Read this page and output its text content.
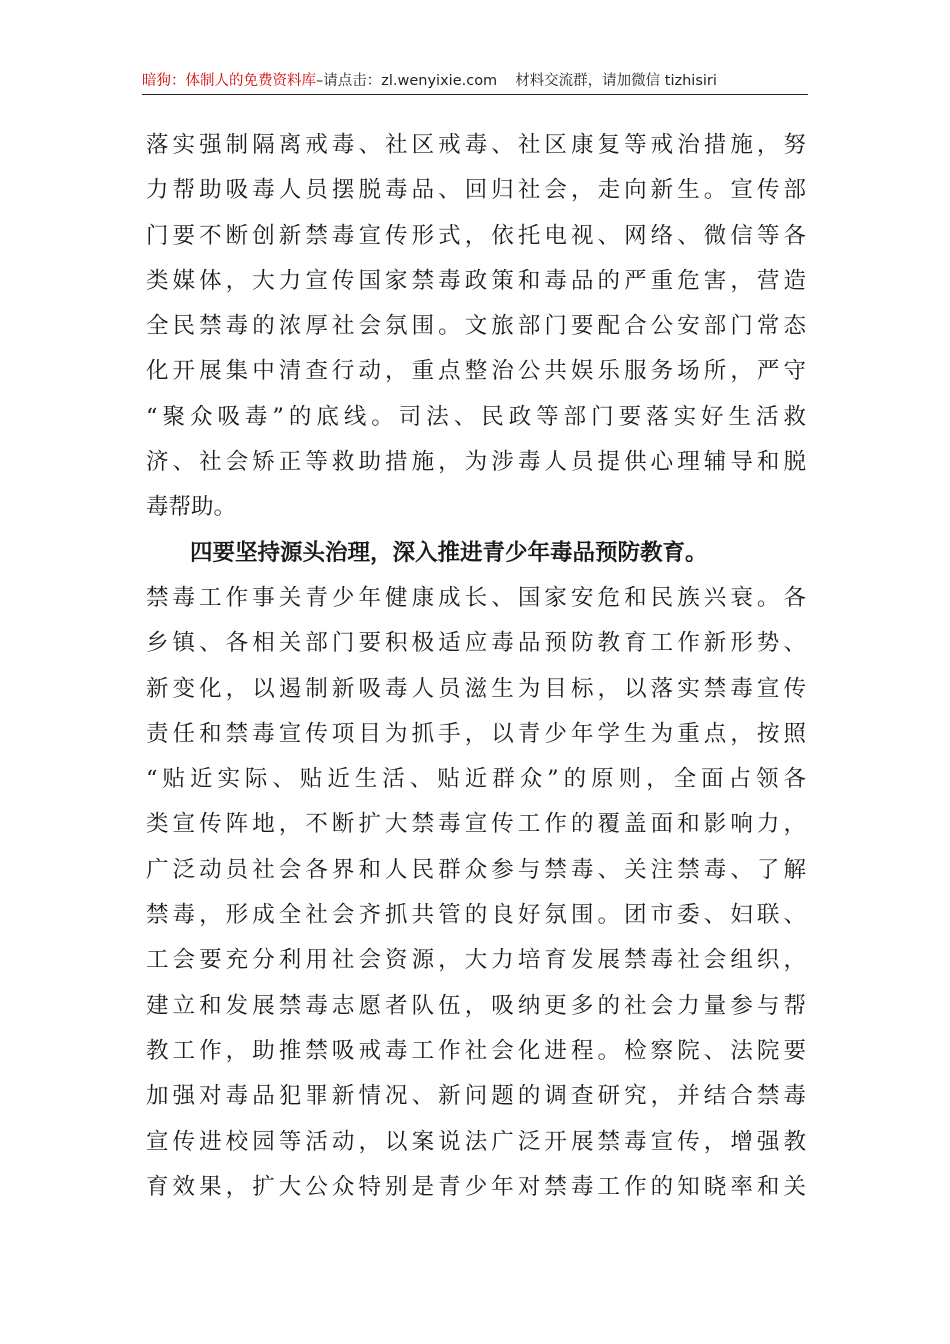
暗狗：体制人的免费资料库–请点击：zl.wenyixie.com 材料交流群，请加微信 tizhisiri
落实强制隔离戒毒、社区戒毒、社区康复等戒治措施，努
力帮助吸毒人员摆脱毒品、回归社会，走向新生。宣传部
门要不断创新禁毒宣传形式，依托电视、网络、微信等各
类媒体，大力宣传国家禁毒政策和毒品的严重危害，营造
全民禁毒的浓厚社会氛围。文旅部门要配合公安部门常态
化开展集中清查行动，重点整治公共娱乐服务场所，严守
“聚众吸毒”的底线。司法、民政等部门要落实好生活救
济、社会矫正等救助措施，为涉毒人员提供心理辅导和脱
毒帮助。
四要坚持源头治理，深入推进青少年毒品预防教育。
禁毒工作事关青少年健康成长、国家安危和民族兴衰。各
乡镇、各相关部门要积极适应毒品预防教育工作新形势、
新变化，以遏制新吸毒人员滋生为目标，以落实禁毒宣传
责任和禁毒宣传项目为抓手，以青少年学生为重点，按照
“贴近实际、贴近生活、贴近群众”的原则，全面占领各
类宣传阵地，不断扩大禁毒宣传工作的覆盖面和影响力，
广泛动员社会各界和人民群众参与禁毒、关注禁毒、了解
禁毒，形成全社会齐抓共管的良好氛围。团市委、妇联、
工会要充分利用社会资源，大力培育发展禁毒社会组织，
建立和发展禁毒志愿者队伍，吸纳更多的社会力量参与帮
教工作，助推禁吸戒毒工作社会化进程。检察院、法院要
加强对毒品犯罪新情况、新问题的调查研究，并结合禁毒
宣传进校园等活动，以案说法广泛开展禁毒宣传，增强教
育效果，扩大公众特别是青少年对禁毒工作的知晓率和关
